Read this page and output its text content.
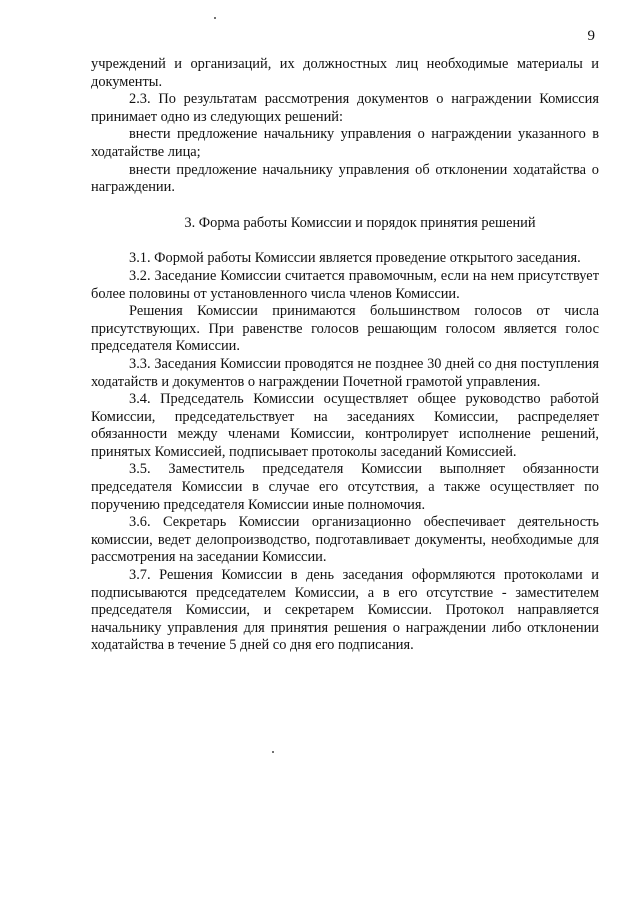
9

учреждений и организаций, их должностных лиц необходимые материалы и документы.

2.3. По результатам рассмотрения документов о награждении Комиссия принимает одно из следующих решений:

внести предложение начальнику управления о награждении указанного в ходатайстве лица;

внести предложение начальнику управления об отклонении ходатайства о награждении.

3. Форма работы Комиссии и порядок принятия решений

3.1. Формой работы Комиссии является проведение открытого заседания.

3.2. Заседание Комиссии считается правомочным, если на нем присутствует более половины от установленного числа членов Комиссии.

Решения Комиссии принимаются большинством голосов от числа присутствующих. При равенстве голосов решающим голосом является голос председателя Комиссии.

3.3. Заседания Комиссии проводятся не позднее 30 дней со дня поступления ходатайств и документов о награждении Почетной грамотой управления.

3.4. Председатель Комиссии осуществляет общее руководство работой Комиссии, председательствует на заседаниях Комиссии, распределяет обязанности между членами Комиссии, контролирует исполнение решений, принятых Комиссией, подписывает протоколы заседаний Комиссией.

3.5. Заместитель председателя Комиссии выполняет обязанности председателя Комиссии в случае его отсутствия, а также осуществляет по поручению председателя Комиссии иные полномочия.

3.6. Секретарь Комиссии организационно обеспечивает деятельность комиссии, ведет делопроизводство, подготавливает документы, необходимые для рассмотрения на заседании Комиссии.

3.7. Решения Комиссии в день заседания оформляются протоколами и подписываются председателем Комиссии, а в его отсутствие - заместителем председателя Комиссии, и секретарем Комиссии. Протокол направляется начальнику управления для принятия решения о награждении либо отклонении ходатайства в течение 5 дней со дня его подписания.
